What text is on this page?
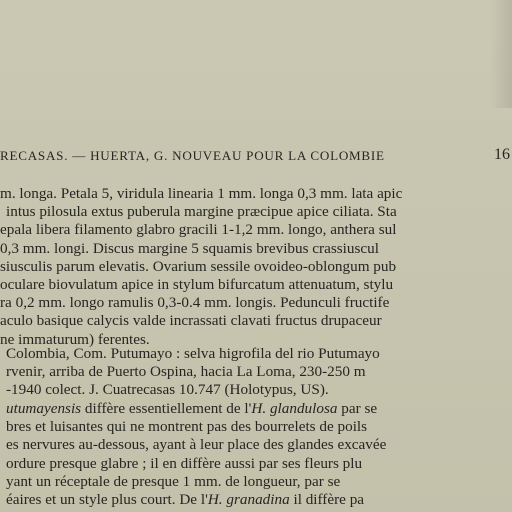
RECASAS. — HUERTA, G. NOUVEAU POUR LA COLOMBIE	16
m. longa. Petala 5, viridula linearia 1 mm. longa 0,3 mm. lata apic
intus pilosula extus puberula margine præcipue apice ciliata. Sta
epala libera filamento glabro gracili 1-1,2 mm. longo, anthera sul
0,3 mm. longi. Discus margine 5 squamis brevibus crassiuscul
siusculis parum elevatis. Ovarium sessile ovoideo-oblongum pub
oculare biovulatum apice in stylum bifurcatum attenuatum, stylu
ra 0,2 mm. longo ramulis 0,3-0.4 mm. longis. Pedunculi fructife
aculo basique calycis valde incrassati clavati fructus drupaceur
ne immaturum) ferentes.
Colombia, Com. Putumayo : selva higrofila del rio Putumayo
rvenir, arriba de Puerto Ospina, hacia La Loma, 230-250 m
-1940 colect. J. Cuatrecasas 10.747 (Holotypus, US).
utumayensis diffère essentiellement de l'H. glandulosa par se
bres et luisantes qui ne montrent pas des bourrelets de poils
es nervures au-dessous, ayant à leur place des glandes excavée
ordure presque glabre ; il en diffère aussi par ses fleurs plu
yant un réceptale de presque 1 mm. de longueur, par se
éaires et un style plus court. De l'H. granadina il diffère pa
